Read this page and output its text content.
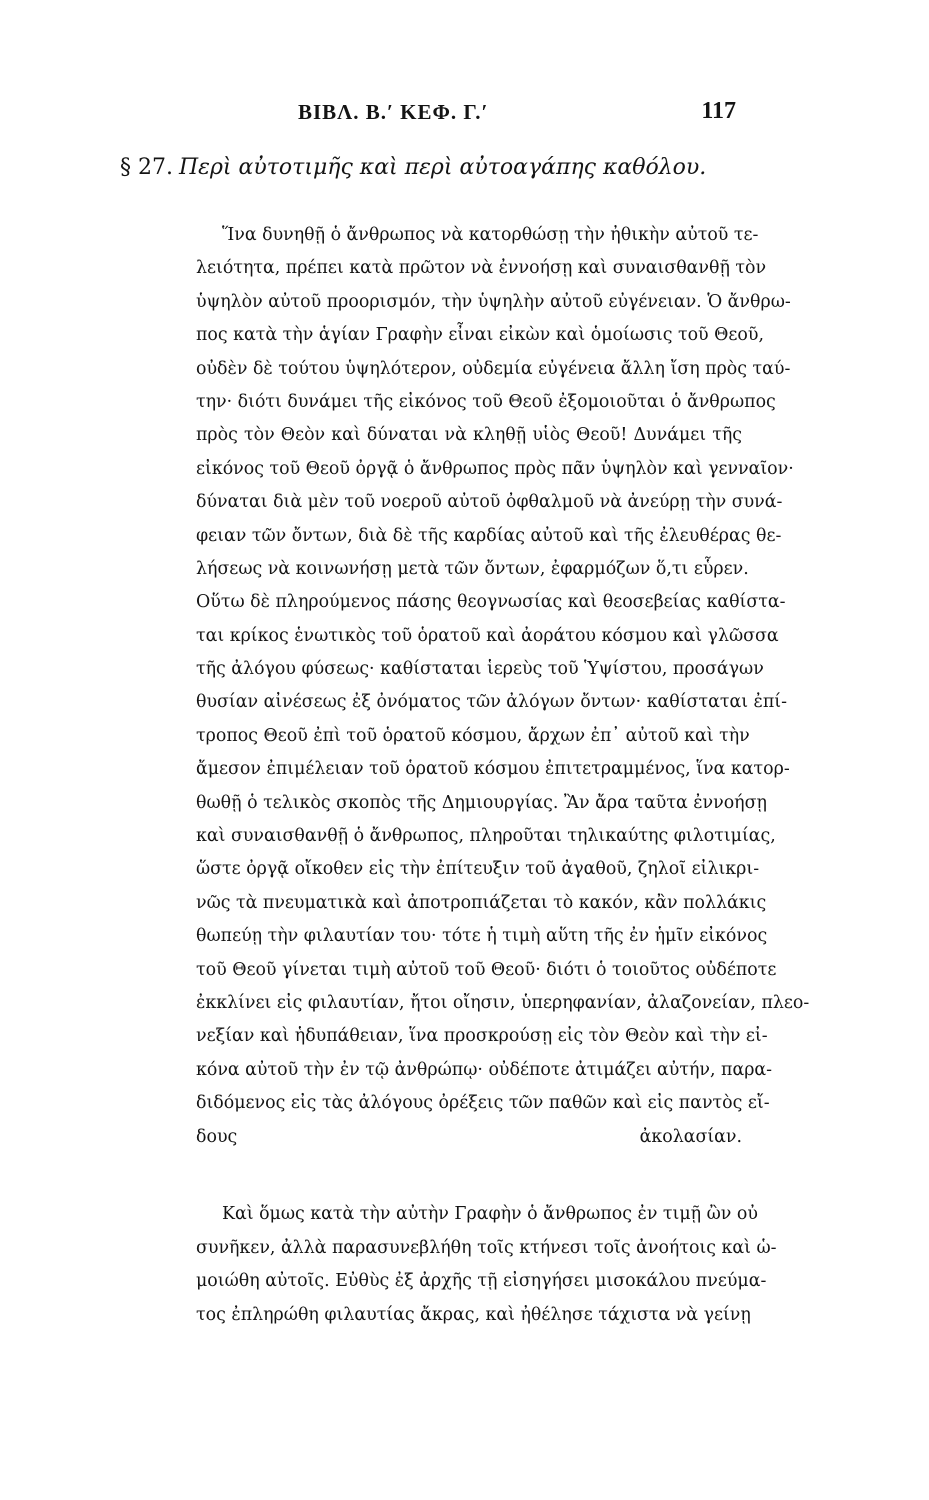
ΒΙΒΛ. Β.′ ΚΕΦ. Γ.′	117
§ 27. Περὶ αὐτοτιμῆς καὶ περὶ αὐτοαγάπης καθόλου.
Ἵνα δυνηθῇ ὁ ἄνθρωπος νὰ κατορθώσῃ τὴν ἠθικὴν αὐτοῦ τε-
λειότητα, πρέπει κατὰ πρῶτον νὰ ἐννοήσῃ καὶ συναισθανθῇ τὸν
ὑψηλὸν αὐτοῦ προορισμόν, τὴν ὑψηλὴν αὐτοῦ εὐγένειαν. Ὁ ἄνθρω-
πος κατὰ τὴν ἁγίαν Γραφὴν εἶναι εἰκὼν καὶ ὁμοίωσις τοῦ Θεοῦ,
οὐδὲν δὲ τούτου ὑψηλότερον, οὐδεμία εὐγένεια ἄλλη ἴση πρὸς ταύ-
την· διότι δυνάμει τῆς εἰκόνος τοῦ Θεοῦ ἐξομοιοῦται ὁ ἄνθρωπος
πρὸς τὸν Θεὸν καὶ δύναται νὰ κληθῇ υἱὸς Θεοῦ! Δυνάμει τῆς
εἰκόνος τοῦ Θεοῦ ὀργᾷ ὁ ἄνθρωπος πρὸς πᾶν ὑψηλὸν καὶ γενναῖον·
δύναται διὰ μὲν τοῦ νοεροῦ αὐτοῦ ὀφθαλμοῦ νὰ ἀνεύρῃ τὴν συνά-
φειαν τῶν ὄντων, διὰ δὲ τῆς καρδίας αὐτοῦ καὶ τῆς ἐλευθέρας θε-
λήσεως νὰ κοινωνήσῃ μετὰ τῶν ὄντων, ἐφαρμόζων ὅ,τι εὗρεν.
Οὕτω δὲ πληρούμενος πάσης θεογνωσίας καὶ θεοσεβείας καθίστα-
ται κρίκος ἑνωτικὸς τοῦ ὁρατοῦ καὶ ἀοράτου κόσμου καὶ γλῶσσα
τῆς ἀλόγου φύσεως· καθίσταται ἱερεὺς τοῦ Ὑψίστου, προσάγων
θυσίαν αἰνέσεως ἐξ ὀνόματος τῶν ἀλόγων ὄντων· καθίσταται ἐπί-
τροπος Θεοῦ ἐπὶ τοῦ ὁρατοῦ κόσμου, ἄρχων ἐπ᾽ αὐτοῦ καὶ τὴν
ἄμεσον ἐπιμέλειαν τοῦ ὁρατοῦ κόσμου ἐπιτετραμμένος, ἵνα κατορ-
θωθῇ ὁ τελικὸς σκοπὸς τῆς Δημιουργίας. Ἂν ἄρα ταῦτα ἐννοήσῃ
καὶ συναισθανθῇ ὁ ἄνθρωπος, πληροῦται τηλικαύτης φιλοτιμίας,
ὥστε ὀργᾷ οἴκοθεν εἰς τὴν ἐπίτευξιν τοῦ ἀγαθοῦ, ζηλοῖ εἰλικρι-
νῶς τὰ πνευματικὰ καὶ ἀποτροπιάζεται τὸ κακόν, κἂν πολλάκις
θωπεύῃ τὴν φιλαυτίαν του· τότε ἡ τιμὴ αὕτη τῆς ἐν ἡμῖν εἰκόνος
τοῦ Θεοῦ γίνεται τιμὴ αὐτοῦ τοῦ Θεοῦ· διότι ὁ τοιοῦτος οὐδέποτε
ἐκκλίνει εἰς φιλαυτίαν, ἤτοι οἴησιν, ὑπερηφανίαν, ἀλαζονείαν, πλεο-
νεξίαν καὶ ἡδυπάθειαν, ἵνα προσκρούσῃ εἰς τὸν Θεὸν καὶ τὴν εἰ-
κόνα αὐτοῦ τὴν ἐν τῷ ἀνθρώπῳ· οὐδέποτε ἀτιμάζει αὐτήν, παρα-
διδόμενος εἰς τὰς ἀλόγους ὀρέξεις τῶν παθῶν καὶ εἰς παντὸς εἴ-
δους ἀκολασίαν.
Καὶ ὅμως κατὰ τὴν αὐτὴν Γραφὴν ὁ ἄνθρωπος ἐν τιμῇ ὢν οὐ
συνῆκεν, ἀλλὰ παρασυνεβλήθη τοῖς κτήνεσι τοῖς ἀνοήτοις καὶ ὡ-
μοιώθη αὐτοῖς. Εὐθὺς ἐξ ἀρχῆς τῇ εἰσηγήσει μισοκάλου πνεύμα-
τος ἐπληρώθη φιλαυτίας ἄκρας, καὶ ἠθέλησε τάχιστα νὰ γείνῃ
